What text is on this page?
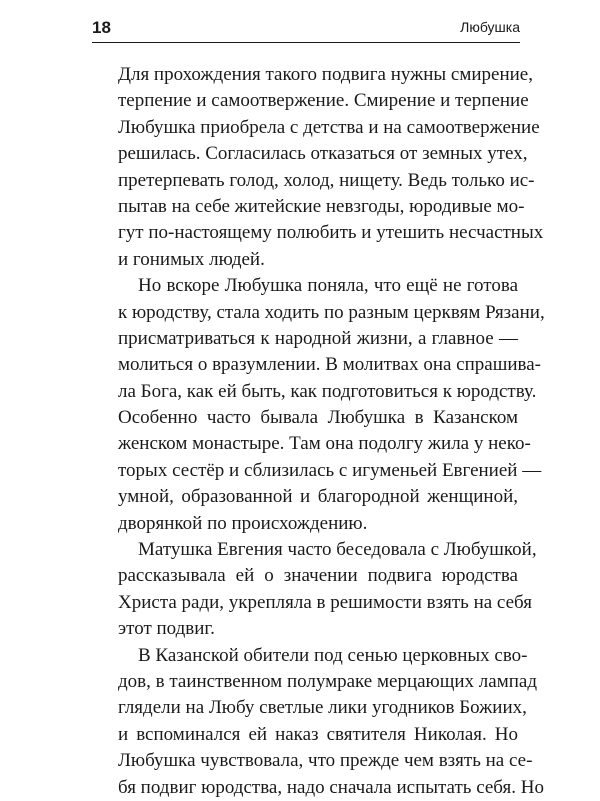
18	Любушка
Для прохождения такого подвига нужны смирение,
терпение и самоотвержение. Смирение и терпение
Любушка приобрела с детства и на самоотвержение
решилась. Согласилась отказаться от земных утех,
претерпевать голод, холод, нищету. Ведь только ис-
пытав на себе житейские невзгоды, юродивые мо-
гут по-настоящему полюбить и утешить несчастных
и гонимых людей.
Но вскоре Любушка поняла, что ещё не готова
к юродству, стала ходить по разным церквям Рязани,
присматриваться к народной жизни, а главное —
молиться о вразумлении. В молитвах она спрашива-
ла Бога, как ей быть, как подготовиться к юродству.
Особенно часто бывала Любушка в Казанском
женском монастыре. Там она подолгу жила у неко-
торых сестёр и сблизилась с игуменьей Евгенией —
умной, образованной и благородной женщиной,
дворянкой по происхождению.
Матушка Евгения часто беседовала с Любушкой,
рассказывала ей о значении подвига юродства
Христа ради, укрепляла в решимости взять на себя
этот подвиг.
В Казанской обители под сенью церковных сво-
дов, в таинственном полумраке мерцающих лампад
глядели на Любу светлые лики угодников Божиих,
и вспоминался ей наказ святителя Николая. Но
Любушка чувствовала, что прежде чем взять на се-
бя подвиг юродства, надо сначала испытать себя. Но
